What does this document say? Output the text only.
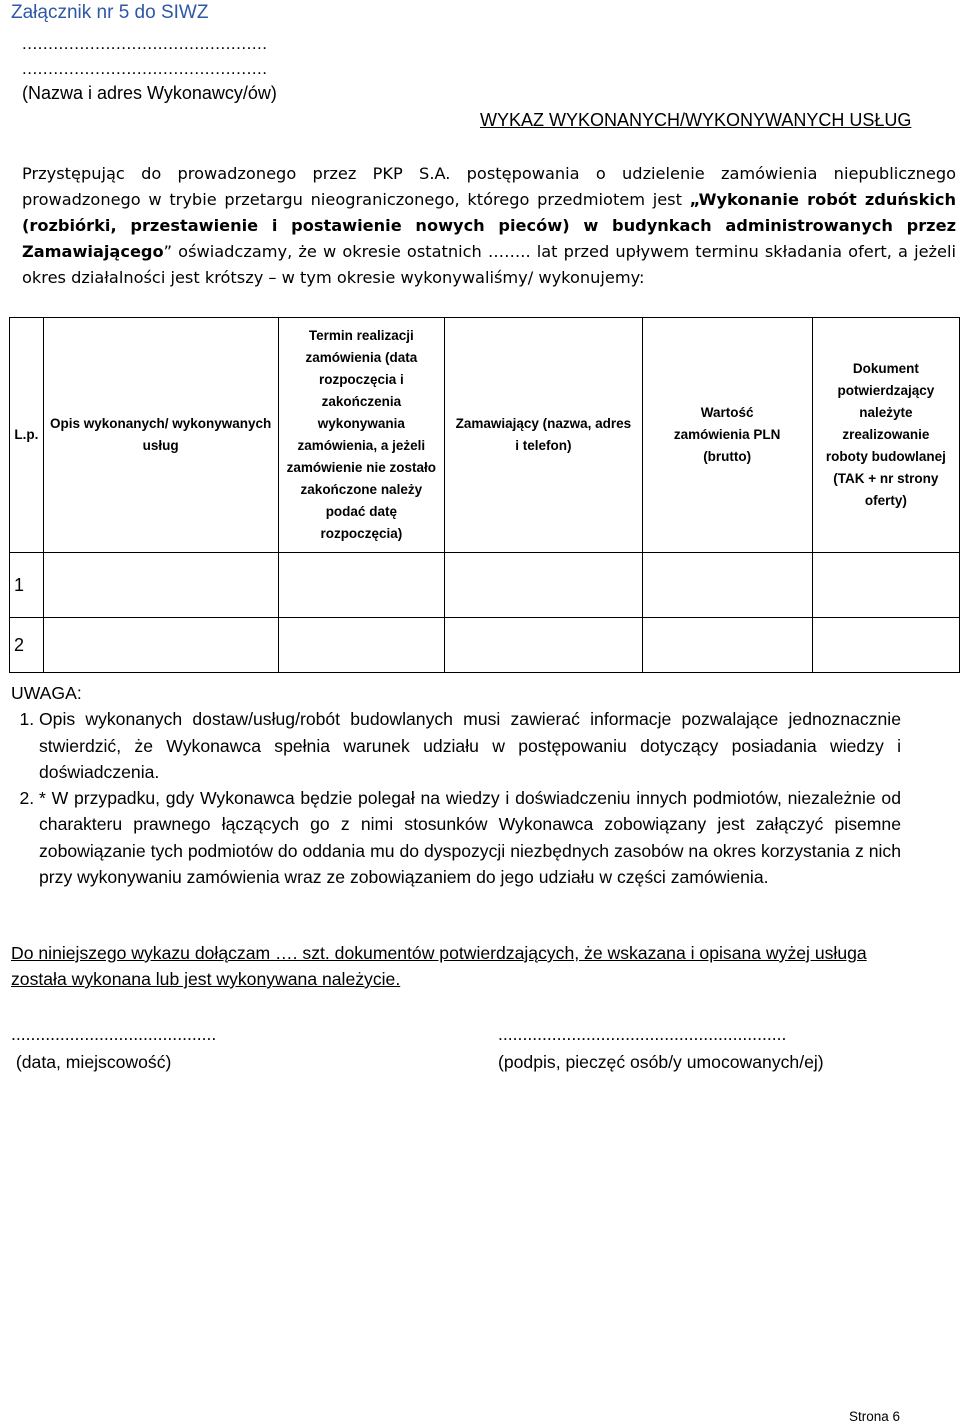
Załącznik nr 5 do SIWZ
...............................................
...............................................
(Nazwa i adres Wykonawcy/ów)
WYKAZ WYKONANYCH/WYKONYWANYCH USŁUG
Przystępując do prowadzonego przez PKP S.A. postępowania o udzielenie zamówienia niepublicznego prowadzonego w trybie przetargu nieograniczonego, którego przedmiotem jest „Wykonanie robót zduńskich (rozbiórki, przestawienie i postawienie nowych pieców) w budynkach administrowanych przez Zamawiającego” oświadczamy, że w okresie ostatnich …….. lat przed upływem terminu składania ofert, a jeżeli okres działalności jest krótszy – w tym okresie wykonywaliśmy/ wykonujemy:
L.p.	Opis wykonanych/ wykonywanych usług	Termin realizacji zamówienia (data rozpoczęcia i zakończenia wykonywania zamówienia, a jeżeli zamówienie nie zostało zakończone należy podać datę rozpoczęcia)	Zamawiający (nazwa, adres i telefon)	Wartość zamówienia PLN (brutto)	Dokument potwierdzający należyte zrealizowanie roboty budowlanej (TAK + nr strony oferty)
1					
2					
UWAGA:
1. Opis wykonanych dostaw/usług/robót budowlanych musi zawierać informacje pozwalające jednoznacznie stwierdzić, że Wykonawca spełnia warunek udziału w postępowaniu dotyczący posiadania wiedzy i doświadczenia.
2. * W przypadku, gdy Wykonawca będzie polegał na wiedzy i doświadczeniu innych podmiotów, niezależnie od charakteru prawnego łączących go z nimi stosunków Wykonawca zobowiązany jest załączyć pisemne zobowiązanie tych podmiotów do oddania mu do dyspozycji niezbędnych zasobów na okres korzystania z nich przy wykonywaniu zamówienia wraz ze zobowiązaniem do jego udziału w części zamówienia.
Do niniejszego wykazu dołączam …. szt. dokumentów potwierdzających, że wskazana i opisana wyżej usługa została wykonana lub jest wykonywana należycie.
..........................................
(data, miejscowość)
...........................................................
(podpis, pieczęć osób/y umocowanych/ej)
Strona 6
